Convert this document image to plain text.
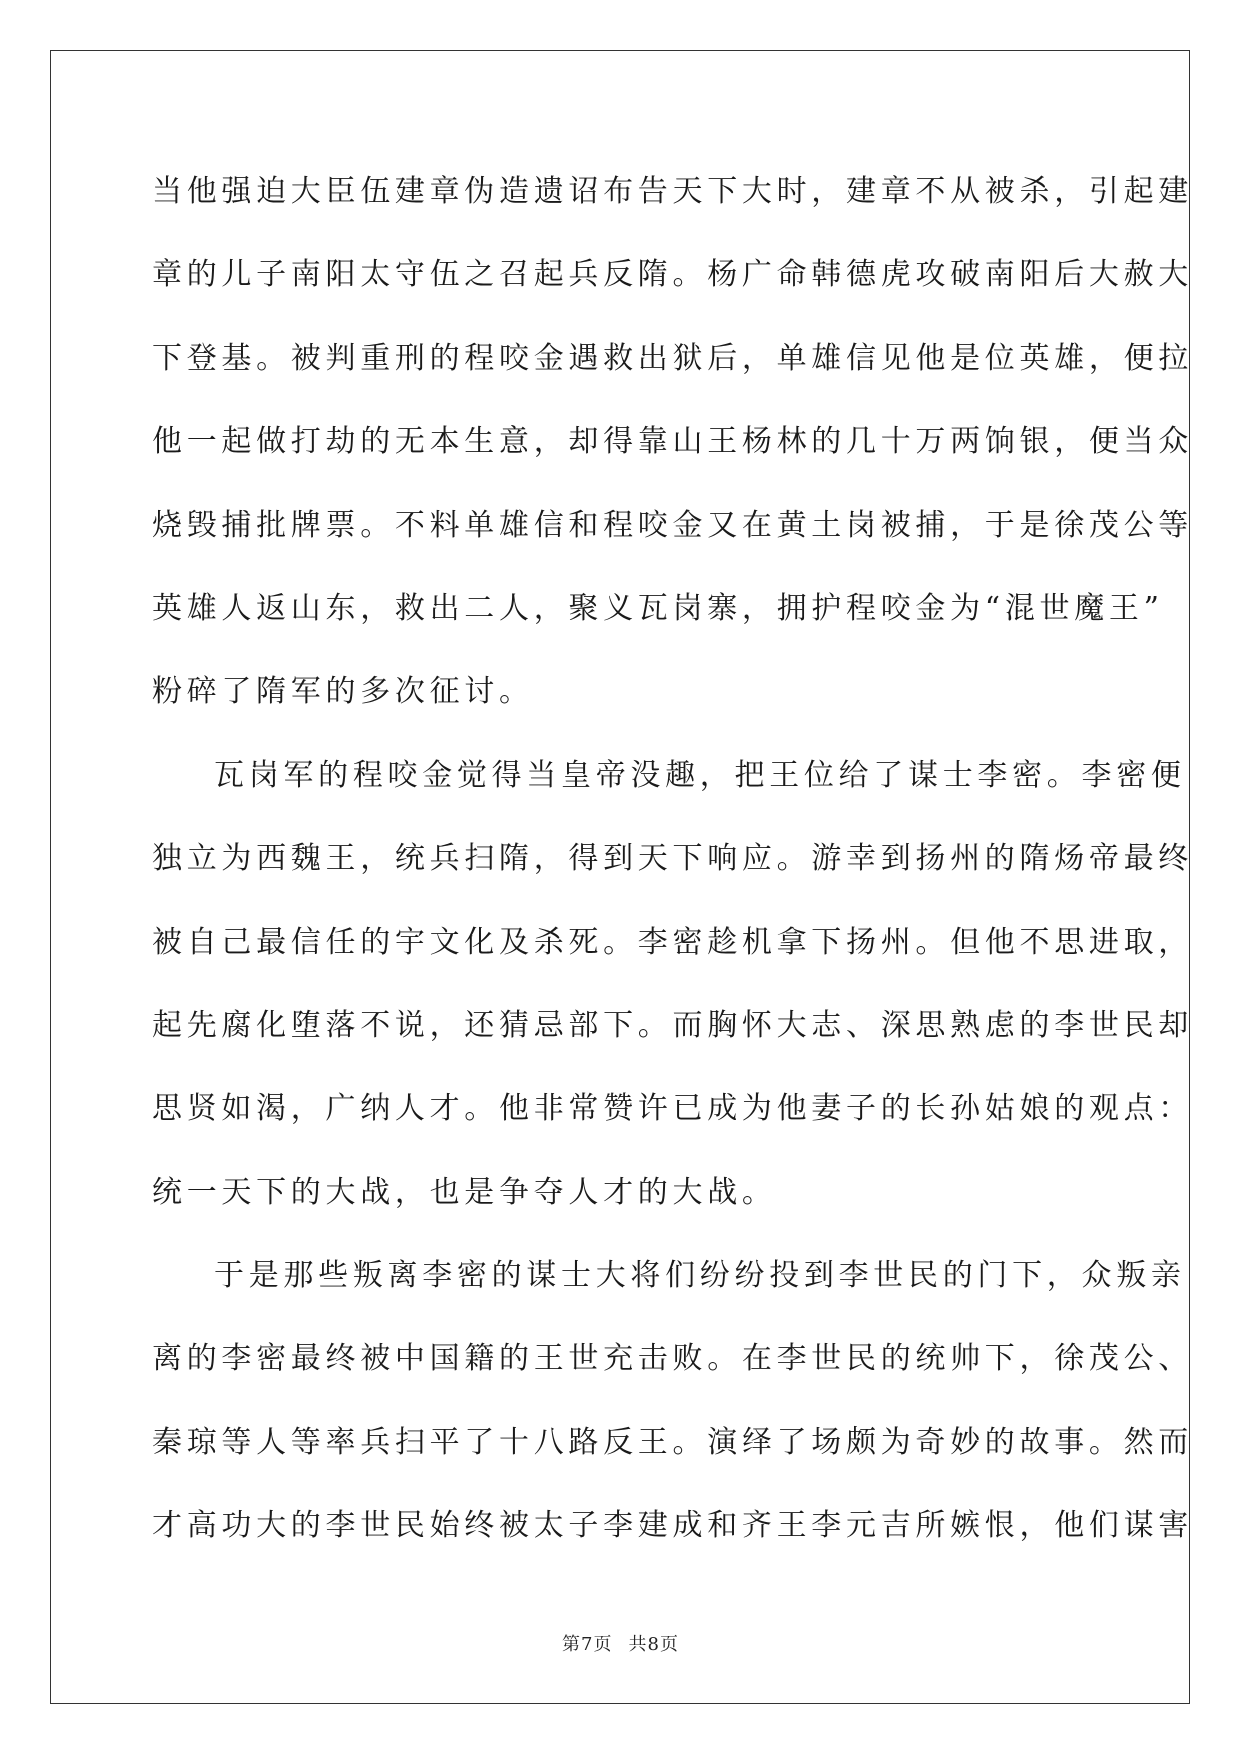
当他强迫大臣伍建章伪造遗诏布告天下大时，建章不从被杀，引起建
章的儿子南阳太守伍之召起兵反隋。杨广命韩德虎攻破南阳后大赦大
下登基。被判重刑的程咬金遇救出狱后，单雄信见他是位英雄，便拉
他一起做打劫的无本生意，却得靠山王杨林的几十万两饷银，便当众
烧毁捕批牌票。不料单雄信和程咬金又在黄土岗被捕，于是徐茂公等
英雄人返山东，救出二人，聚义瓦岗寨，拥护程咬金为“混世魔王”
粉碎了隋军的多次征讨。
瓦岗军的程咬金觉得当皇帝没趣，把王位给了谋士李密。李密便
独立为西魏王，统兵扫隋，得到天下响应。游幸到扬州的隋炀帝最终
被自己最信任的宇文化及杀死。李密趁机拿下扬州。但他不思进取，
起先腐化堕落不说，还猜忌部下。而胸怀大志、深思熟虑的李世民却
思贤如渴，广纳人才。他非常赞许已成为他妻子的长孙姑娘的观点：
统一天下的大战，也是争夺人才的大战。
于是那些叛离李密的谋士大将们纷纷投到李世民的门下，众叛亲
离的李密最终被中国籍的王世充击败。在李世民的统帅下，徐茂公、
秦琼等人等率兵扫平了十八路反王。演绎了场颇为奇妙的故事。然而
才高功大的李世民始终被太子李建成和齐王李元吉所嫉恨，他们谋害
第7页 共8页
